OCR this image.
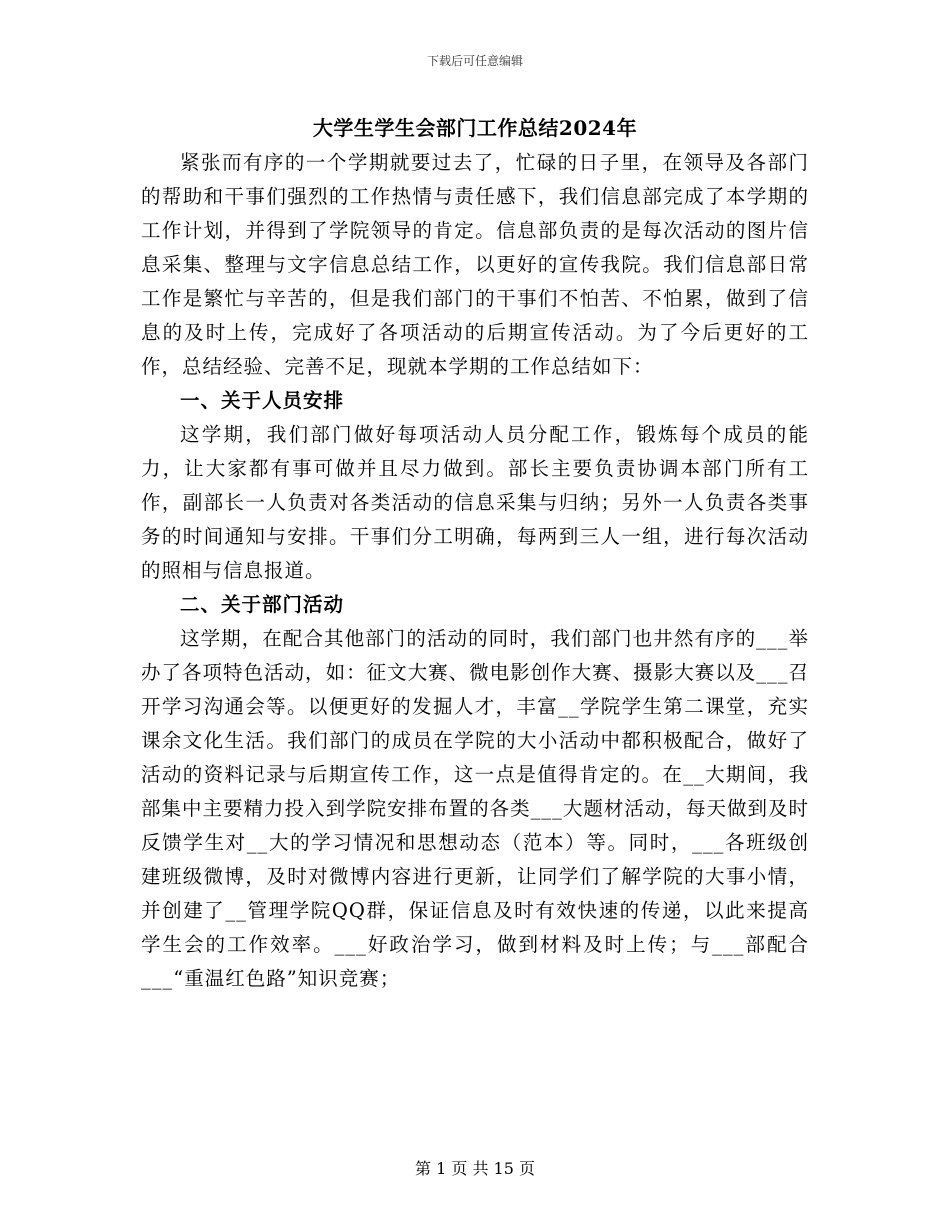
下载后可任意编辑
大学生学生会部门工作总结2024年

紧张而有序的一个学期就要过去了，忙碌的日子里，在领导及各部门的帮助和干事们强烈的工作热情与责任感下，我们信息部完成了本学期的工作计划，并得到了学院领导的肯定。信息部负责的是每次活动的图片信息采集、整理与文字信息总结工作，以更好的宣传我院。我们信息部日常工作是繁忙与辛苦的，但是我们部门的干事们不怕苦、不怕累，做到了信息的及时上传，完成好了各项活动的后期宣传活动。为了今后更好的工作，总结经验、完善不足，现就本学期的工作总结如下：

一、关于人员安排

这学期，我们部门做好每项活动人员分配工作，锻炼每个成员的能力，让大家都有事可做并且尽力做到。部长主要负责协调本部门所有工作，副部长一人负责对各类活动的信息采集与归纳；另外一人负责各类事务的时间通知与安排。干事们分工明确，每两到三人一组，进行每次活动的照相与信息报道。

二、关于部门活动

这学期，在配合其他部门的活动的同时，我们部门也井然有序的___举办了各项特色活动，如：征文大赛、微电影创作大赛、摄影大赛以及___召开学习沟通会等。以便更好的发掘人才，丰富__学院学生第二课堂，充实课余文化生活。我们部门的成员在学院的大小活动中都积极配合，做好了活动的资料记录与后期宣传工作，这一点是值得肯定的。在__大期间，我部集中主要精力投入到学院安排布置的各类___大题材活动，每天做到及时反馈学生对__大的学习情况和思想动态（范本）等。同时，___各班级创建班级微博，及时对微博内容进行更新，让同学们了解学院的大事小情，并创建了__管理学院QQ群，保证信息及时有效快速的传递，以此来提高学生会的工作效率。___好政治学习，做到材料及时上传；与___部配合___“重温红色路”知识竞赛；

第 1 页 共 15 页
